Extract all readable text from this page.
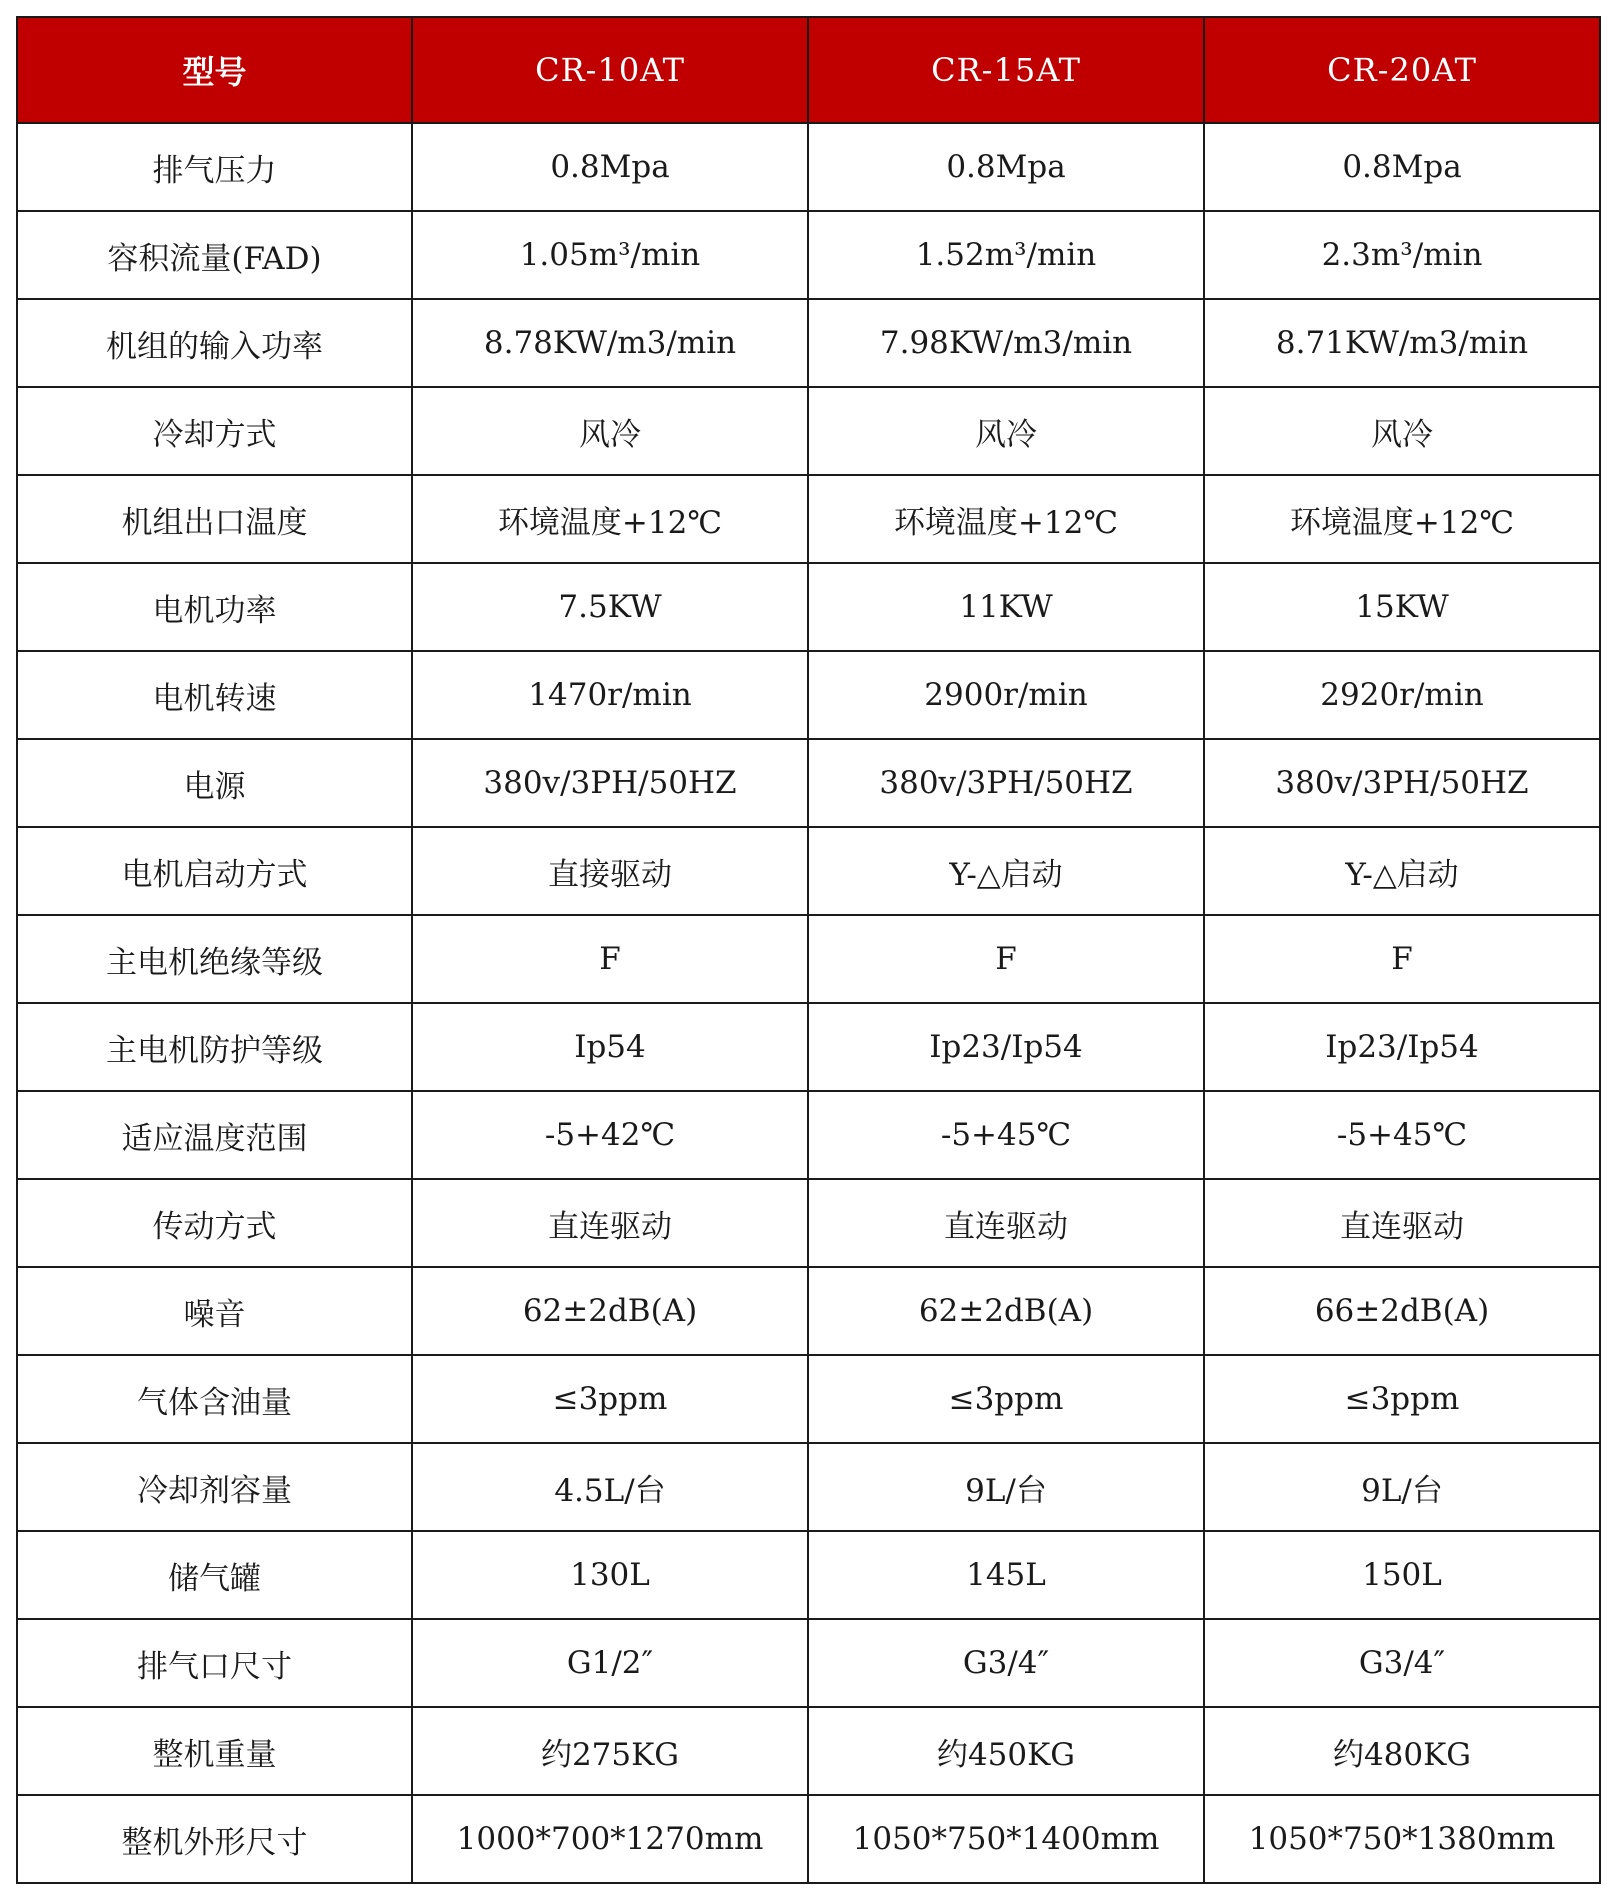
型号	CR-10AT	CR-15AT	CR-20AT
排气压力	0.8Mpa	0.8Mpa	0.8Mpa
容积流量(FAD)	1.05m³/min	1.52m³/min	2.3m³/min
机组的输入功率	8.78KW/m3/min	7.98KW/m3/min	8.71KW/m3/min
冷却方式	风冷	风冷	风冷
机组出口温度	环境温度+12℃	环境温度+12℃	环境温度+12℃
电机功率	7.5KW	11KW	15KW
电机转速	1470r/min	2900r/min	2920r/min
电源	380v/3PH/50HZ	380v/3PH/50HZ	380v/3PH/50HZ
电机启动方式	直接驱动	Y-△启动	Y-△启动
主电机绝缘等级	F	F	F
主电机防护等级	Ip54	Ip23/Ip54	Ip23/Ip54
适应温度范围	-5+42℃	-5+45℃	-5+45℃
传动方式	直连驱动	直连驱动	直连驱动
噪音	62±2dB(A)	62±2dB(A)	66±2dB(A)
气体含油量	≤3ppm	≤3ppm	≤3ppm
冷却剂容量	4.5L/台	9L/台	9L/台
储气罐	130L	145L	150L
排气口尺寸	G1/2″	G3/4″	G3/4″
整机重量	约275KG	约450KG	约480KG
整机外形尺寸	1000*700*1270mm	1050*750*1400mm	1050*750*1380mm
